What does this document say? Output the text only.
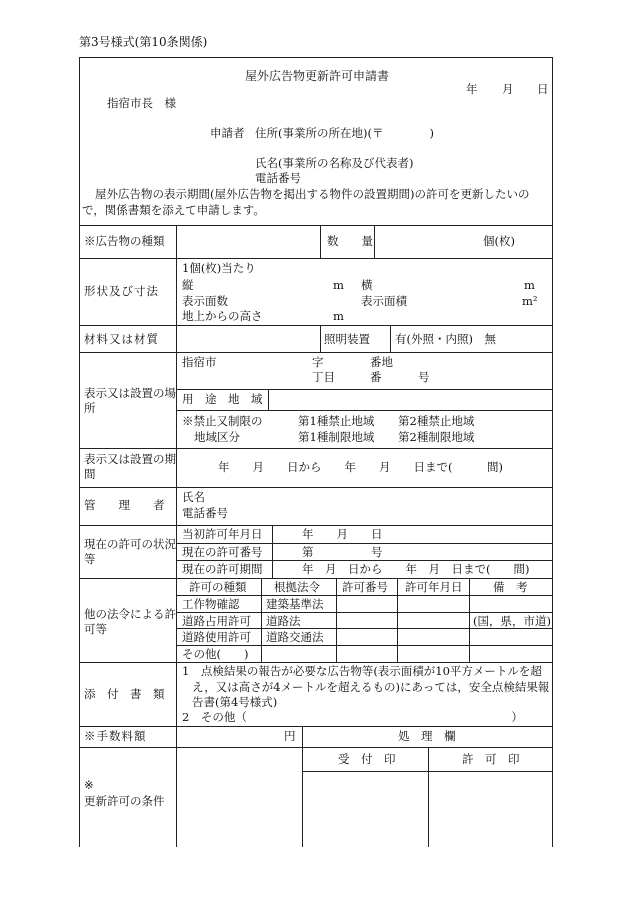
第3号様式(第10条関係)
屋外広告物更新許可申請書
年 月 日
指宿市長　様
申請者 住所(事業所の所在地)(〒　　　　)
氏名(事業所の名称及び代表者)
電話番号
屋外広告物の表示期間(屋外広告物を掲出する物件の設置期間)の許可を更新したいの
で，関係書類を添えて申請します。
※広告物の種類	数　　量	個(枚)
形状及び寸法
1個(枚)当たり
縦	m 横	m
表示面数	表示面積	m²
地上からの高さ	m
材料又は材質	照明装置 有(外照・内照)　無
表示又は設置の場所
指宿市	字	番地
丁目	番	号
用　途　地　域
※禁止又制限の
地域区分
第1種禁止地域 第2種禁止地域
第1種制限地域 第2種制限地域
表示又は設置の期間	年　　月　　日から　　年　　月　　日まで(　　　間)
管　　理　　者
氏名
電話番号
現在の許可の状況等
当初許可年月日	年　　月　　日
現在の許可番号	第　　　　　号
現在の許可期間	年　月　日から　　年　月　日まで(　　間)
他の法令による許可等
許可の種類 根拠法令 許可番号 許可年月日	備　考
工作物確認 建築基準法
道路占用許可 道路法	(国，県，市道)
道路使用許可 道路交通法
その他(　　)
添　付　書　類
1　点検結果の報告が必要な広告物等(表示面積が10平方メートルを超
え，又は高さが4メートルを超えるもの)にあっては，安全点検結果報
告書(第4号様式)
2　その他（　　　　　　　　　　　　　　　　　　　　　　　）
※手数料額	円	処　理　欄
※
更新許可の条件
受　付　印	許　可　印
